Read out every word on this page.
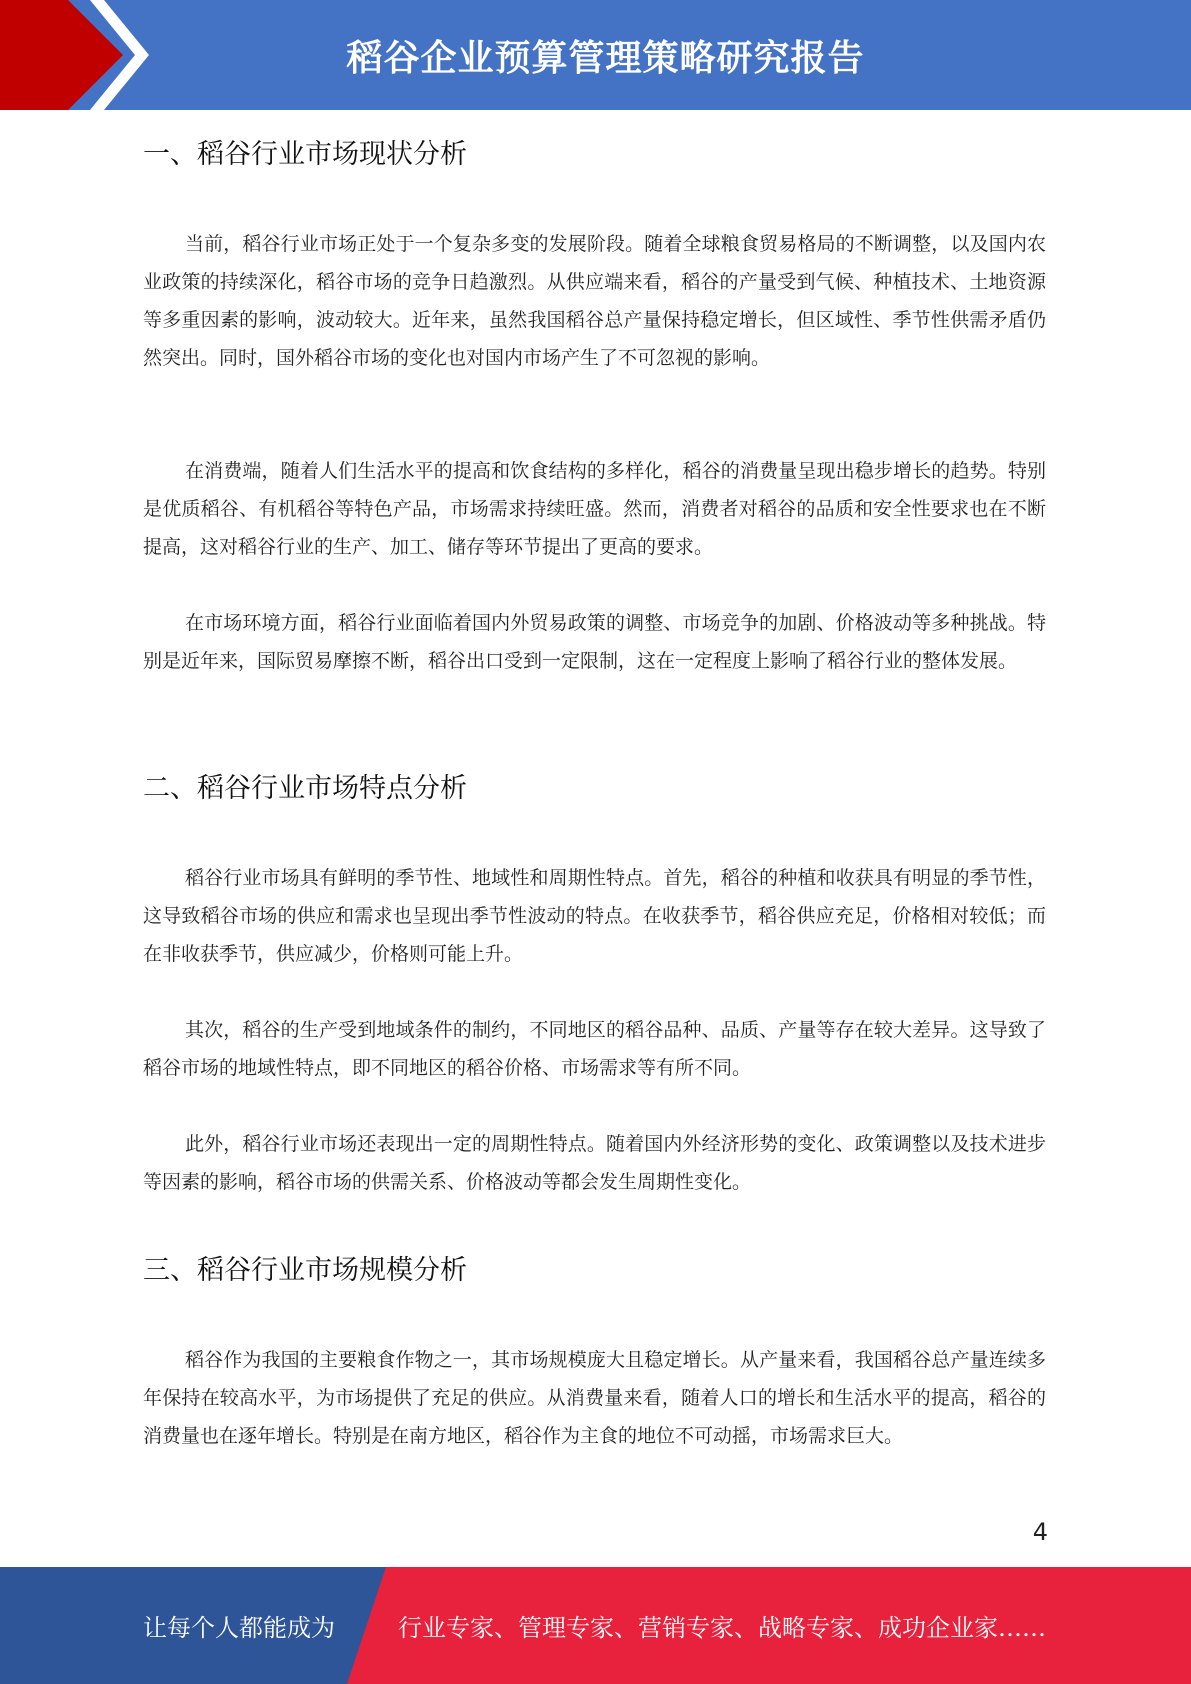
稻谷企业预算管理策略研究报告
一、稻谷行业市场现状分析

当前，稻谷行业市场正处于一个复杂多变的发展阶段。随着全球粮食贸易格局的不断调整，以及国内农业政策的持续深化，稻谷市场的竞争日趋激烈。从供应端来看，稻谷的产量受到气候、种植技术、土地资源等多重因素的影响，波动较大。近年来，虽然我国稻谷总产量保持稳定增长，但区域性、季节性供需矛盾仍然突出。同时，国外稻谷市场的变化也对国内市场产生了不可忽视的影响。

在消费端，随着人们生活水平的提高和饮食结构的多样化，稻谷的消费量呈现出稳步增长的趋势。特别是优质稻谷、有机稻谷等特色产品，市场需求持续旺盛。然而，消费者对稻谷的品质和安全性要求也在不断提高，这对稻谷行业的生产、加工、储存等环节提出了更高的要求。

在市场环境方面，稻谷行业面临着国内外贸易政策的调整、市场竞争的加剧、价格波动等多种挑战。特别是近年来，国际贸易摩擦不断，稻谷出口受到一定限制，这在一定程度上影响了稻谷行业的整体发展。

二、稻谷行业市场特点分析

稻谷行业市场具有鲜明的季节性、地域性和周期性特点。首先，稻谷的种植和收获具有明显的季节性，这导致稻谷市场的供应和需求也呈现出季节性波动的特点。在收获季节，稻谷供应充足，价格相对较低；而在非收获季节，供应减少，价格则可能上升。

其次，稻谷的生产受到地域条件的制约，不同地区的稻谷品种、品质、产量等存在较大差异。这导致了稻谷市场的地域性特点，即不同地区的稻谷价格、市场需求等有所不同。

此外，稻谷行业市场还表现出一定的周期性特点。随着国内外经济形势的变化、政策调整以及技术进步等因素的影响，稻谷市场的供需关系、价格波动等都会发生周期性变化。

三、稻谷行业市场规模分析

稻谷作为我国的主要粮食作物之一，其市场规模庞大且稳定增长。从产量来看，我国稻谷总产量连续多年保持在较高水平，为市场提供了充足的供应。从消费量来看，随着人口的增长和生活水平的提高，稻谷的消费量也在逐年增长。特别是在南方地区，稻谷作为主食的地位不可动摇，市场需求巨大。

4
让每个人都能成为	行业专家、管理专家、营销专家、战略专家、成功企业家……
